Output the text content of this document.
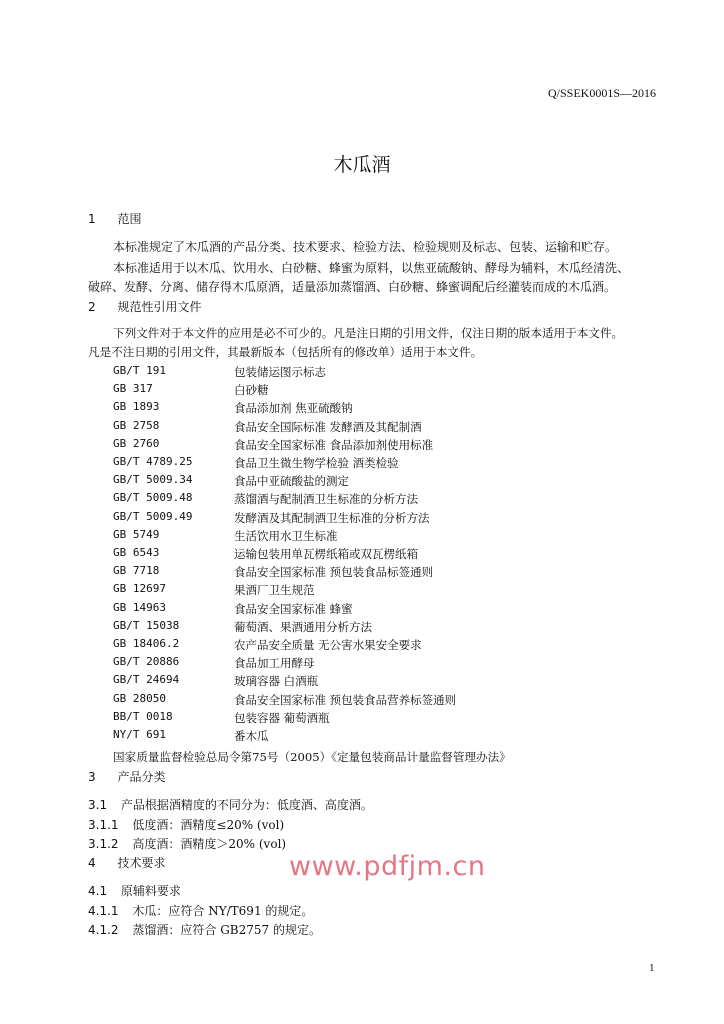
Q/SSEK0001S—2016
木瓜酒
1 范围
本标准规定了木瓜酒的产品分类、技术要求、检验方法、检验规则及标志、包装、运输和贮存。
本标准适用于以木瓜、饮用水、白砂糖、蜂蜜为原料，以焦亚硫酸钠、酵母为辅料，木瓜经清洗、
破碎、发酵、分离、储存得木瓜原酒，适量添加蒸馏酒、白砂糖、蜂蜜调配后经灌装而成的木瓜酒。
2 规范性引用文件
下列文件对于本文件的应用是必不可少的。凡是注日期的引用文件，仅注日期的版本适用于本文件。
凡是不注日期的引用文件，其最新版本（包括所有的修改单）适用于本文件。
GB/T 191	包装储运图示标志
GB 317	白砂糖
GB 1893	食品添加剂 焦亚硫酸钠
GB 2758	食品安全国际标准 发酵酒及其配制酒
GB 2760	食品安全国家标准 食品添加剂使用标准
GB/T 4789.25	食品卫生微生物学检验 酒类检验
GB/T 5009.34	食品中亚硫酸盐的测定
GB/T 5009.48	蒸馏酒与配制酒卫生标准的分析方法
GB/T 5009.49	发酵酒及其配制酒卫生标准的分析方法
GB 5749	生活饮用水卫生标准
GB 6543	运输包装用单瓦楞纸箱或双瓦楞纸箱
GB 7718	食品安全国家标准 预包装食品标签通则
GB 12697	果酒厂卫生规范
GB 14963	食品安全国家标准 蜂蜜
GB/T 15038	葡萄酒、果酒通用分析方法
GB 18406.2	农产品安全质量 无公害水果安全要求
GB/T 20886	食品加工用酵母
GB/T 24694	玻璃容器 白酒瓶
GB 28050	食品安全国家标准 预包装食品营养标签通则
BB/T 0018	包装容器 葡萄酒瓶
NY/T 691	番木瓜
国家质量监督检验总局令第75号（2005）《定量包装商品计量监督管理办法》
3 产品分类
3.1 产品根据酒精度的不同分为：低度酒、高度酒。
3.1.1 低度酒：酒精度≤20% (vol)
3.1.2 高度酒：酒精度＞20% (vol)
4 技术要求
4.1 原辅料要求
4.1.1 木瓜：应符合 NY/T691 的规定。
4.1.2 蒸馏酒：应符合 GB2757 的规定。
www.pdfjm.cn
1
